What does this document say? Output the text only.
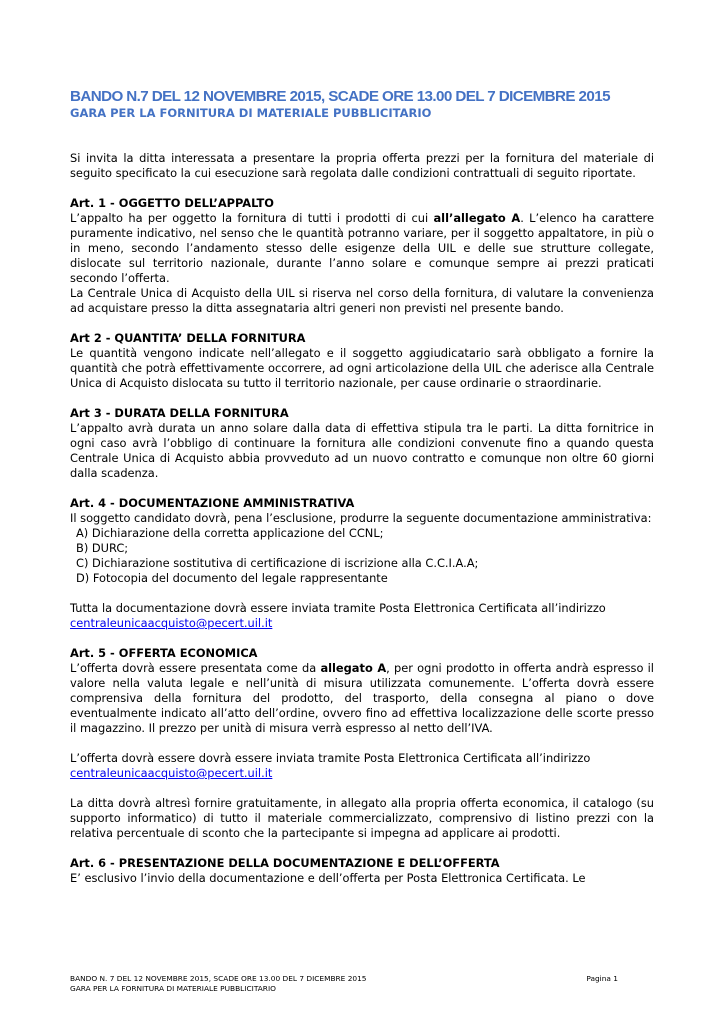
BANDO N.7 DEL 12 NOVEMBRE 2015, SCADE ORE 13.00 DEL 7 DICEMBRE 2015
GARA PER LA FORNITURA DI MATERIALE PUBBLICITARIO

Si invita la ditta interessata a presentare la propria offerta prezzi per la fornitura del materiale di seguito specificato la cui esecuzione sarà regolata dalle condizioni contrattuali di seguito riportate.

Art. 1 - OGGETTO DELL’APPALTO

L’appalto ha per oggetto la fornitura di tutti i prodotti di cui all’allegato A. L’elenco ha carattere puramente indicativo, nel senso che le quantità potranno variare, per il soggetto appaltatore, in più o in meno, secondo l’andamento stesso delle esigenze della UIL e delle sue strutture collegate, dislocate sul territorio nazionale, durante l’anno solare e comunque sempre ai prezzi praticati secondo l’offerta.

La Centrale Unica di Acquisto della UIL si riserva nel corso della fornitura, di valutare la convenienza ad acquistare presso la ditta assegnataria altri generi non previsti nel presente bando.

Art 2 - QUANTITA’ DELLA FORNITURA

Le quantità vengono indicate nell’allegato e il soggetto aggiudicatario sarà obbligato a fornire la quantità che potrà effettivamente occorrere, ad ogni articolazione della UIL che aderisce alla Centrale Unica di Acquisto dislocata su tutto il territorio nazionale, per cause ordinarie o straordinarie.

Art 3 - DURATA DELLA FORNITURA

L’appalto avrà durata un anno solare dalla data di effettiva stipula tra le parti. La ditta fornitrice in ogni caso avrà l’obbligo di continuare la fornitura alle condizioni convenute fino a quando questa Centrale Unica di Acquisto abbia provveduto ad un nuovo contratto e comunque non oltre 60 giorni dalla scadenza.

Art. 4 - DOCUMENTAZIONE AMMINISTRATIVA

Il soggetto candidato dovrà, pena l’esclusione, produrre la seguente documentazione amministrativa:

A) Dichiarazione della corretta applicazione del CCNL;
B) DURC;
C) Dichiarazione sostitutiva di certificazione di iscrizione alla C.C.I.A.A;
D) Fotocopia del documento del legale rappresentante

Tutta la documentazione dovrà essere inviata tramite Posta Elettronica Certificata all’indirizzo

centraleunicaacquisto@pecert.uil.it
Art. 5 - OFFERTA ECONOMICA

L’offerta dovrà essere presentata come da allegato A, per ogni prodotto in offerta andrà espresso il valore nella valuta legale e nell’unità di misura utilizzata comunemente. L’offerta dovrà essere comprensiva della fornitura del prodotto, del trasporto, della consegna al piano o dove eventualmente indicato all’atto dell’ordine, ovvero fino ad effettiva localizzazione delle scorte presso il magazzino. Il prezzo per unità di misura verrà espresso al netto dell’IVA.

L’offerta dovrà essere dovrà essere inviata tramite Posta Elettronica Certificata all’indirizzo

centraleunicaacquisto@pecert.uil.it

La ditta dovrà altresì fornire gratuitamente, in allegato alla propria offerta economica, il catalogo (su supporto informatico) di tutto il materiale commercializzato, comprensivo di listino prezzi con la relativa percentuale di sconto che la partecipante si impegna ad applicare ai prodotti.

Art. 6 - PRESENTAZIONE DELLA DOCUMENTAZIONE E DELL’OFFERTA

E’ esclusivo l’invio della documentazione e dell’offerta per Posta Elettronica Certificata. Le

BANDO N. 7 DEL 12 NOVEMBRE 2015, SCADE ORE 13.00 DEL 7 DICEMBRE 2015
GARA PER LA FORNITURA DI MATERIALE PUBBLICITARIO
Pagina 1
